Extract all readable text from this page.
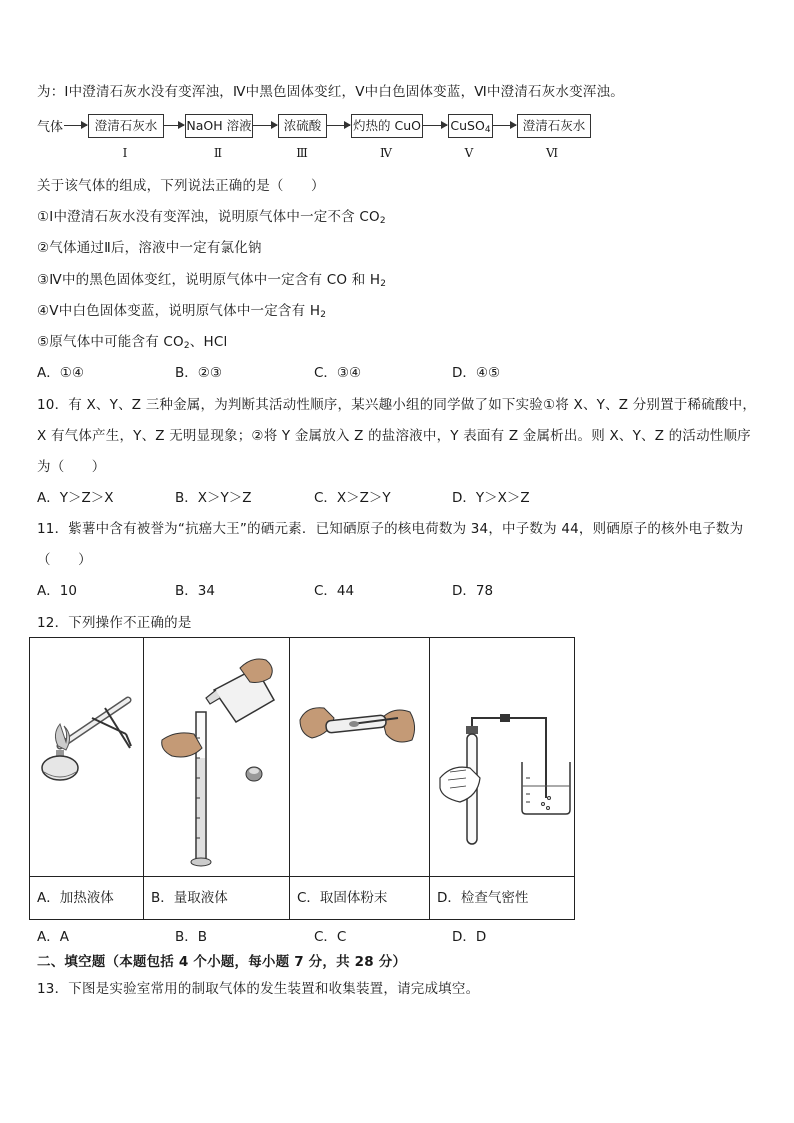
为：Ⅰ中澄清石灰水没有变浑浊，Ⅳ中黑色固体变红，Ⅴ中白色固体变蓝，Ⅵ中澄清石灰水变浑浊。
气体	澄清石灰水	NaOH 溶液	浓硫酸	灼热的 CuO CuSO$_4$	澄清石灰水
Ⅰ	Ⅱ	Ⅲ	Ⅳ	Ⅴ	Ⅵ
关于该气体的组成，下列说法正确的是（　　）
①Ⅰ中澄清石灰水没有变浑浊，说明原气体中一定不含 $CO_2$
②气体通过Ⅱ后，溶液中一定有氯化钠
③Ⅳ中的黑色固体变红，说明原气体中一定含有 CO 和 $H_2$
④Ⅴ中白色固体变蓝，说明原气体中一定含有 $H_2$
⑤原气体中可能含有 $CO_2$、HCl
A．①④	B．②③	C．③④	D．④⑤
10．有 X、Y、Z 三种金属，为判断其活动性顺序，某兴趣小组的同学做了如下实验①将 X、Y、Z 分别置于稀硫酸中，
X 有气体产生，Y、Z 无明显现象；②将 Y 金属放入 Z 的盐溶液中，Y 表面有 Z 金属析出。则 X、Y、Z 的活动性顺序
为（　　）
A．Y＞Z＞X	B．X＞Y＞Z	C．X＞Z＞Y	D．Y＞X＞Z
11．紫薯中含有被誉为“抗癌大王”的硒元素．已知硒原子的核电荷数为 34，中子数为 44，则硒原子的核外电子数为
（　　）
A．10	B．34	C．44	D．78
12．下列操作不正确的是

A．加热液体	B．量取液体	C．取固体粉末	D．检查气密性
A．A	B．B	C．C	D．D
二、填空题（本题包括 4 个小题，每小题 7 分，共 28 分）
13．下图是实验室常用的制取气体的发生装置和收集装置，请完成填空。
